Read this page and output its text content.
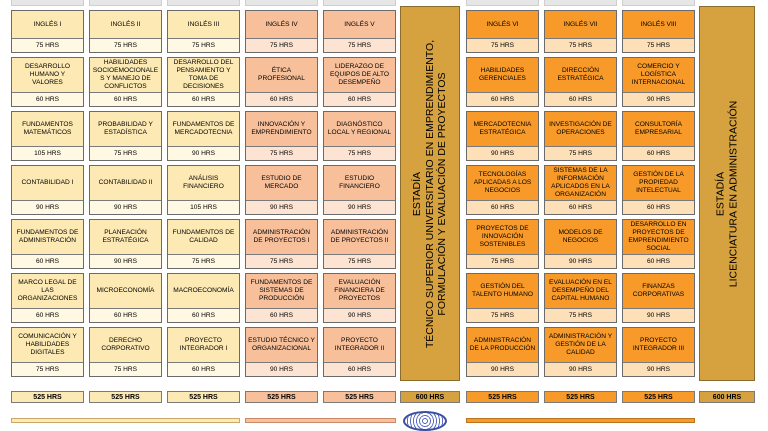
INGLÉS I
75 HRS
DESARROLLO HUMANO Y VALORES
60 HRS
FUNDAMENTOS MATEMÁTICOS
105 HRS
CONTABILIDAD I
90 HRS
FUNDAMENTOS DE ADMINISTRACIÓN
60 HRS
MARCO LEGAL DE LAS ORGANIZACIONES
60 HRS
COMUNICACIÓN Y HABILIDADES DIGITALES
75 HRS
525 HRS
INGLÉS II
75 HRS
HABILIDADES SOCIOEMOCIONALE S Y MANEJO DE CONFLICTOS
60 HRS
PROBABILIDAD Y ESTADÍSTICA
75 HRS
CONTABILIDAD II
90 HRS
PLANEACIÓN ESTRATÉGICA
90 HRS
MICROECONOMÍA
60 HRS
DERECHO CORPORATIVO
75 HRS
525 HRS
INGLÉS III
75 HRS
DESARROLLO DEL PENSAMIENTO Y TOMA DE DECISIONES
60 HRS
FUNDAMENTOS DE MERCADOTECNIA
90 HRS
ANÁLISIS FINANCIERO
105 HRS
FUNDAMENTOS DE CALIDAD
75 HRS
MACROECONOMÍA
60 HRS
PROYECTO INTEGRADOR I
60 HRS
525 HRS
INGLÉS IV
75 HRS
ÉTICA PROFESIONAL
60 HRS
INNOVACIÓN Y EMPRENDIMIENTO
75 HRS
ESTUDIO DE MERCADO
90 HRS
ADMINISTRACIÓN DE PROYECTOS I
75 HRS
FUNDAMENTOS DE SISTEMAS DE PRODUCCIÓN
60 HRS
ESTUDIO TÉCNICO Y ORGANIZACIONAL
90 HRS
525 HRS
INGLÉS V
75 HRS
LIDERAZGO DE EQUIPOS DE ALTO DESEMPEÑO
60 HRS
DIAGNÓSTICO LOCAL Y REGIONAL
75 HRS
ESTUDIO FINANCIERO
90 HRS
ADMINISTRACIÓN DE PROYECTOS II
75 HRS
EVALUACIÓN FINANCIERA DE PROYECTOS
90 HRS
PROYECTO INTEGRADOR II
60 HRS
525 HRS
INGLÉS VI
75 HRS
HABILIDADES GERENCIALES
60 HRS
MERCADOTECNIA ESTRATÉGICA
90 HRS
TECNOLOGÍAS APLICADAS A LOS NEGOCIOS
60 HRS
PROYECTOS DE INNOVACIÓN SOSTENIBLES
75 HRS
GESTIÓN DEL TALENTO HUMANO
75 HRS
ADMINISTRACIÓN DE LA PRODUCCIÓN
90 HRS
525 HRS
INGLÉS VII
75 HRS
DIRECCIÓN ESTRATÉGICA
60 HRS
INVESTIGACIÓN DE OPERACIONES
75 HRS
SISTEMAS DE LA INFORMACIÓN APLICADOS EN LA ORGANIZACIÓN
60 HRS
MODELOS DE NEGOCIOS
90 HRS
EVALUACIÓN EN EL DESEMPEÑO DEL CAPITAL HUMANO
75 HRS
ADMINISTRACIÓN Y GESTIÓN DE LA CALIDAD
90 HRS
525 HRS
INGLÉS VIII
75 HRS
COMERCIO Y LOGÍSTICA INTERNACIONAL
90 HRS
CONSULTORÍA EMPRESARIAL
60 HRS
GESTIÓN DE LA PROPIEDAD INTELECTUAL
60 HRS
DESARROLLO EN PROYECTOS DE EMPRENDIMIENTO SOCIAL
60 HRS
FINANZAS CORPORATIVAS
90 HRS
PROYECTO INTEGRADOR III
90 HRS
525 HRS
ESTADÍA TÉCNICO SUPERIOR UNIVERSITARIO EN EMPRENDIMIENTO, FORMULACIÓN Y EVALUACIÓN DE PROYECTOS
600 HRS
ESTADÍA LICENCIATURA EN ADMINISTRACIÓN
600 HRS
